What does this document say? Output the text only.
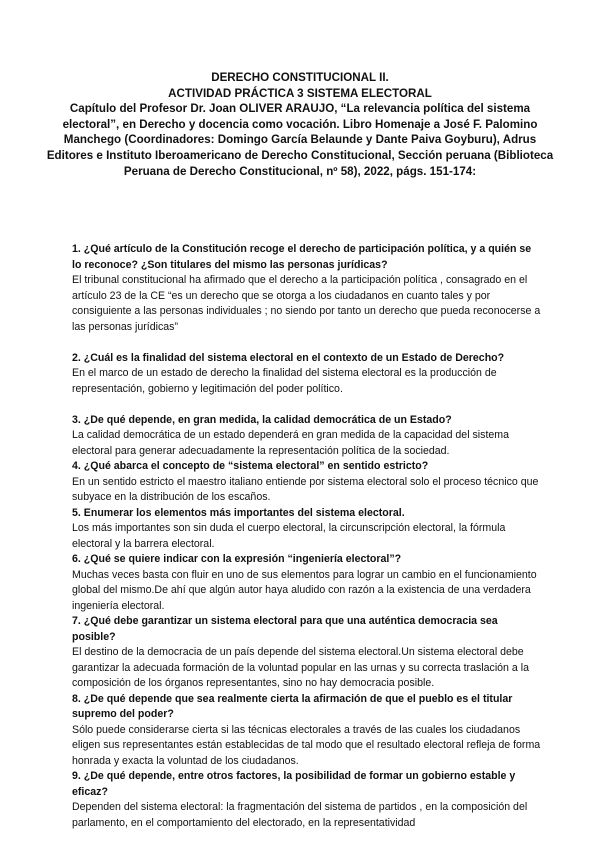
DERECHO CONSTITUCIONAL II.
ACTIVIDAD PRÁCTICA 3 SISTEMA ELECTORAL
Capítulo del Profesor Dr. Joan OLIVER ARAUJO, “La relevancia política del sistema electoral”, en Derecho y docencia como vocación. Libro Homenaje a José F. Palomino Manchego (Coordinadores: Domingo García Belaunde y Dante Paiva Goyburu), Adrus Editores e Instituto Iberoamericano de Derecho Constitucional, Sección peruana (Biblioteca Peruana de Derecho Constitucional, nº 58), 2022, págs. 151-174:

1. ¿Qué artículo de la Constitución recoge el derecho de participación política, y a quién se lo reconoce? ¿Son titulares del mismo las personas jurídicas?

El tribunal constitucional ha afirmado que el derecho a la participación política , consagrado en el artículo 23 de la CE “es un derecho que se otorga a los ciudadanos en cuanto tales y por consiguiente a las personas individuales ; no siendo por tanto un derecho que pueda reconocerse a las personas jurídicas”

2. ¿Cuál es la finalidad del sistema electoral en el contexto de un Estado de Derecho?

En el marco de un estado de derecho la finalidad del sistema electoral es la producción de representación, gobierno y legitimación del poder político.

3. ¿De qué depende, en gran medida, la calidad democrática de un Estado?

La calidad democrática de un estado dependerá en gran medida de la capacidad del sistema electoral para generar adecuadamente la representación política de la sociedad.

4. ¿Qué abarca el concepto de “sistema electoral” en sentido estricto?

En un sentido estricto el maestro italiano entiende por sistema electoral solo el proceso técnico que subyace en la distribución de los escaños.

5. Enumerar los elementos más importantes del sistema electoral.

Los más importantes son sin duda el cuerpo electoral, la circunscripción electoral, la fórmula electoral y la barrera electoral.

6. ¿Qué se quiere indicar con la expresión “ingeniería electoral”?

Muchas veces basta con fluir en uno de sus elementos para lograr un cambio en el funcionamiento global del mismo.De ahí que algún autor haya aludido con razón a la existencia de una verdadera ingeniería electoral.

7. ¿Qué debe garantizar un sistema electoral para que una auténtica democracia sea posible?

El destino de la democracia de un país depende del sistema electoral.Un sistema electoral debe garantizar la adecuada formación de la voluntad popular en las urnas y su correcta traslación a la composición de los órganos representantes, sino no hay democracia posible.

8. ¿De qué depende que sea realmente cierta la afirmación de que el pueblo es el titular supremo del poder?

Sólo puede considerarse cierta si las técnicas electorales a través de las cuales los ciudadanos eligen sus representantes están establecidas de tal modo que el resultado electoral refleja de forma honrada y exacta la voluntad de los ciudadanos.

9. ¿De qué depende, entre otros factores, la posibilidad de formar un gobierno estable y eficaz?

Dependen del sistema electoral: la fragmentación del sistema de partidos , en la composición del parlamento, en el comportamiento del electorado, en la representatividad
